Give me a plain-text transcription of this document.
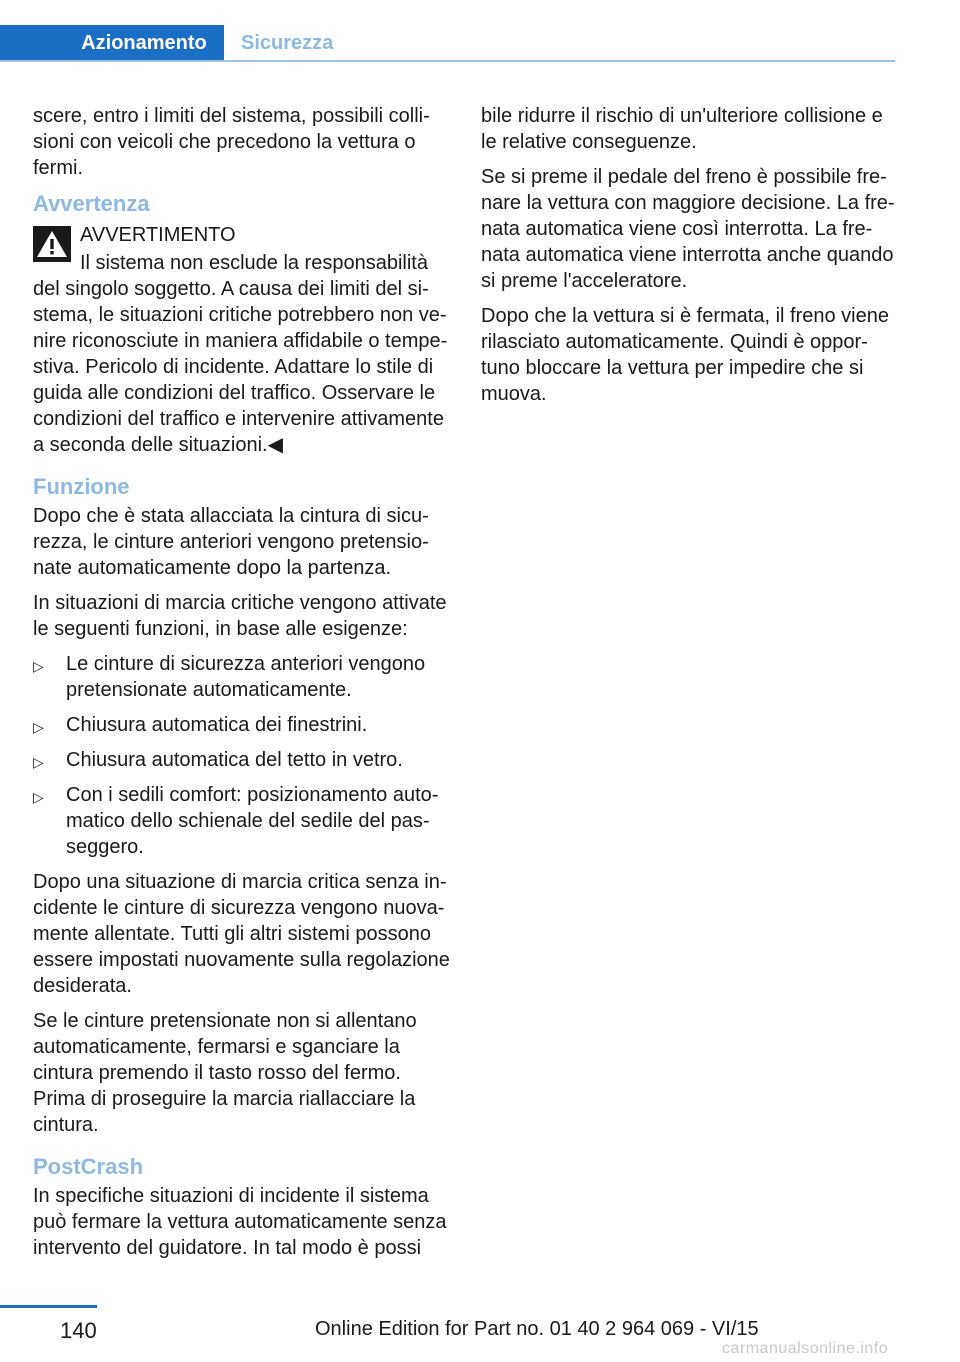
Azionamento Sicurezza

scere, entro i limiti del sistema, possibili collisioni con veicoli che precedono la vettura o fermi.

Avvertenza
AVVERTIMENTO

Il sistema non esclude la responsabilità del singolo soggetto. A causa dei limiti del sistema, le situazioni critiche potrebbero non venire riconosciute in maniera affidabile o tempestiva. Pericolo di incidente. Adattare lo stile di guida alle condizioni del traffico. Osservare le condizioni del traffico e intervenire attivamente a seconda delle situazioni.◀

Funzione

Dopo che è stata allacciata la cintura di sicurezza, le cinture anteriori vengono pretensionate automaticamente dopo la partenza.

In situazioni di marcia critiche vengono attivate le seguenti funzioni, in base alle esigenze:

▷ Le cinture di sicurezza anteriori vengono pretensionate automaticamente.
▷ Chiusura automatica dei finestrini.
▷ Chiusura automatica del tetto in vetro.
▷ Con i sedili comfort: posizionamento automatico dello schienale del sedile del passeggero.

Dopo una situazione di marcia critica senza incidente le cinture di sicurezza vengono nuovamente allentate. Tutti gli altri sistemi possono essere impostati nuovamente sulla regolazione desiderata.

Se le cinture pretensionate non si allentano automaticamente, fermarsi e sganciare la cintura premendo il tasto rosso del fermo. Prima di proseguire la marcia riallacciare la cintura.

PostCrash

In specifiche situazioni di incidente il sistema può fermare la vettura automaticamente senza intervento del guidatore. In tal modo è possi

bile ridurre il rischio di un'ulteriore collisione e le relative conseguenze.

Se si preme il pedale del freno è possibile frenare la vettura con maggiore decisione. La frenata automatica viene così interrotta. La frenata automatica viene interrotta anche quando si preme l'acceleratore.

Dopo che la vettura si è fermata, il freno viene rilasciato automaticamente. Quindi è opportuno bloccare la vettura per impedire che si muova.

140	Online Edition for Part no. 01 40 2 964 069 - VI/15
carmanualsonline.info
